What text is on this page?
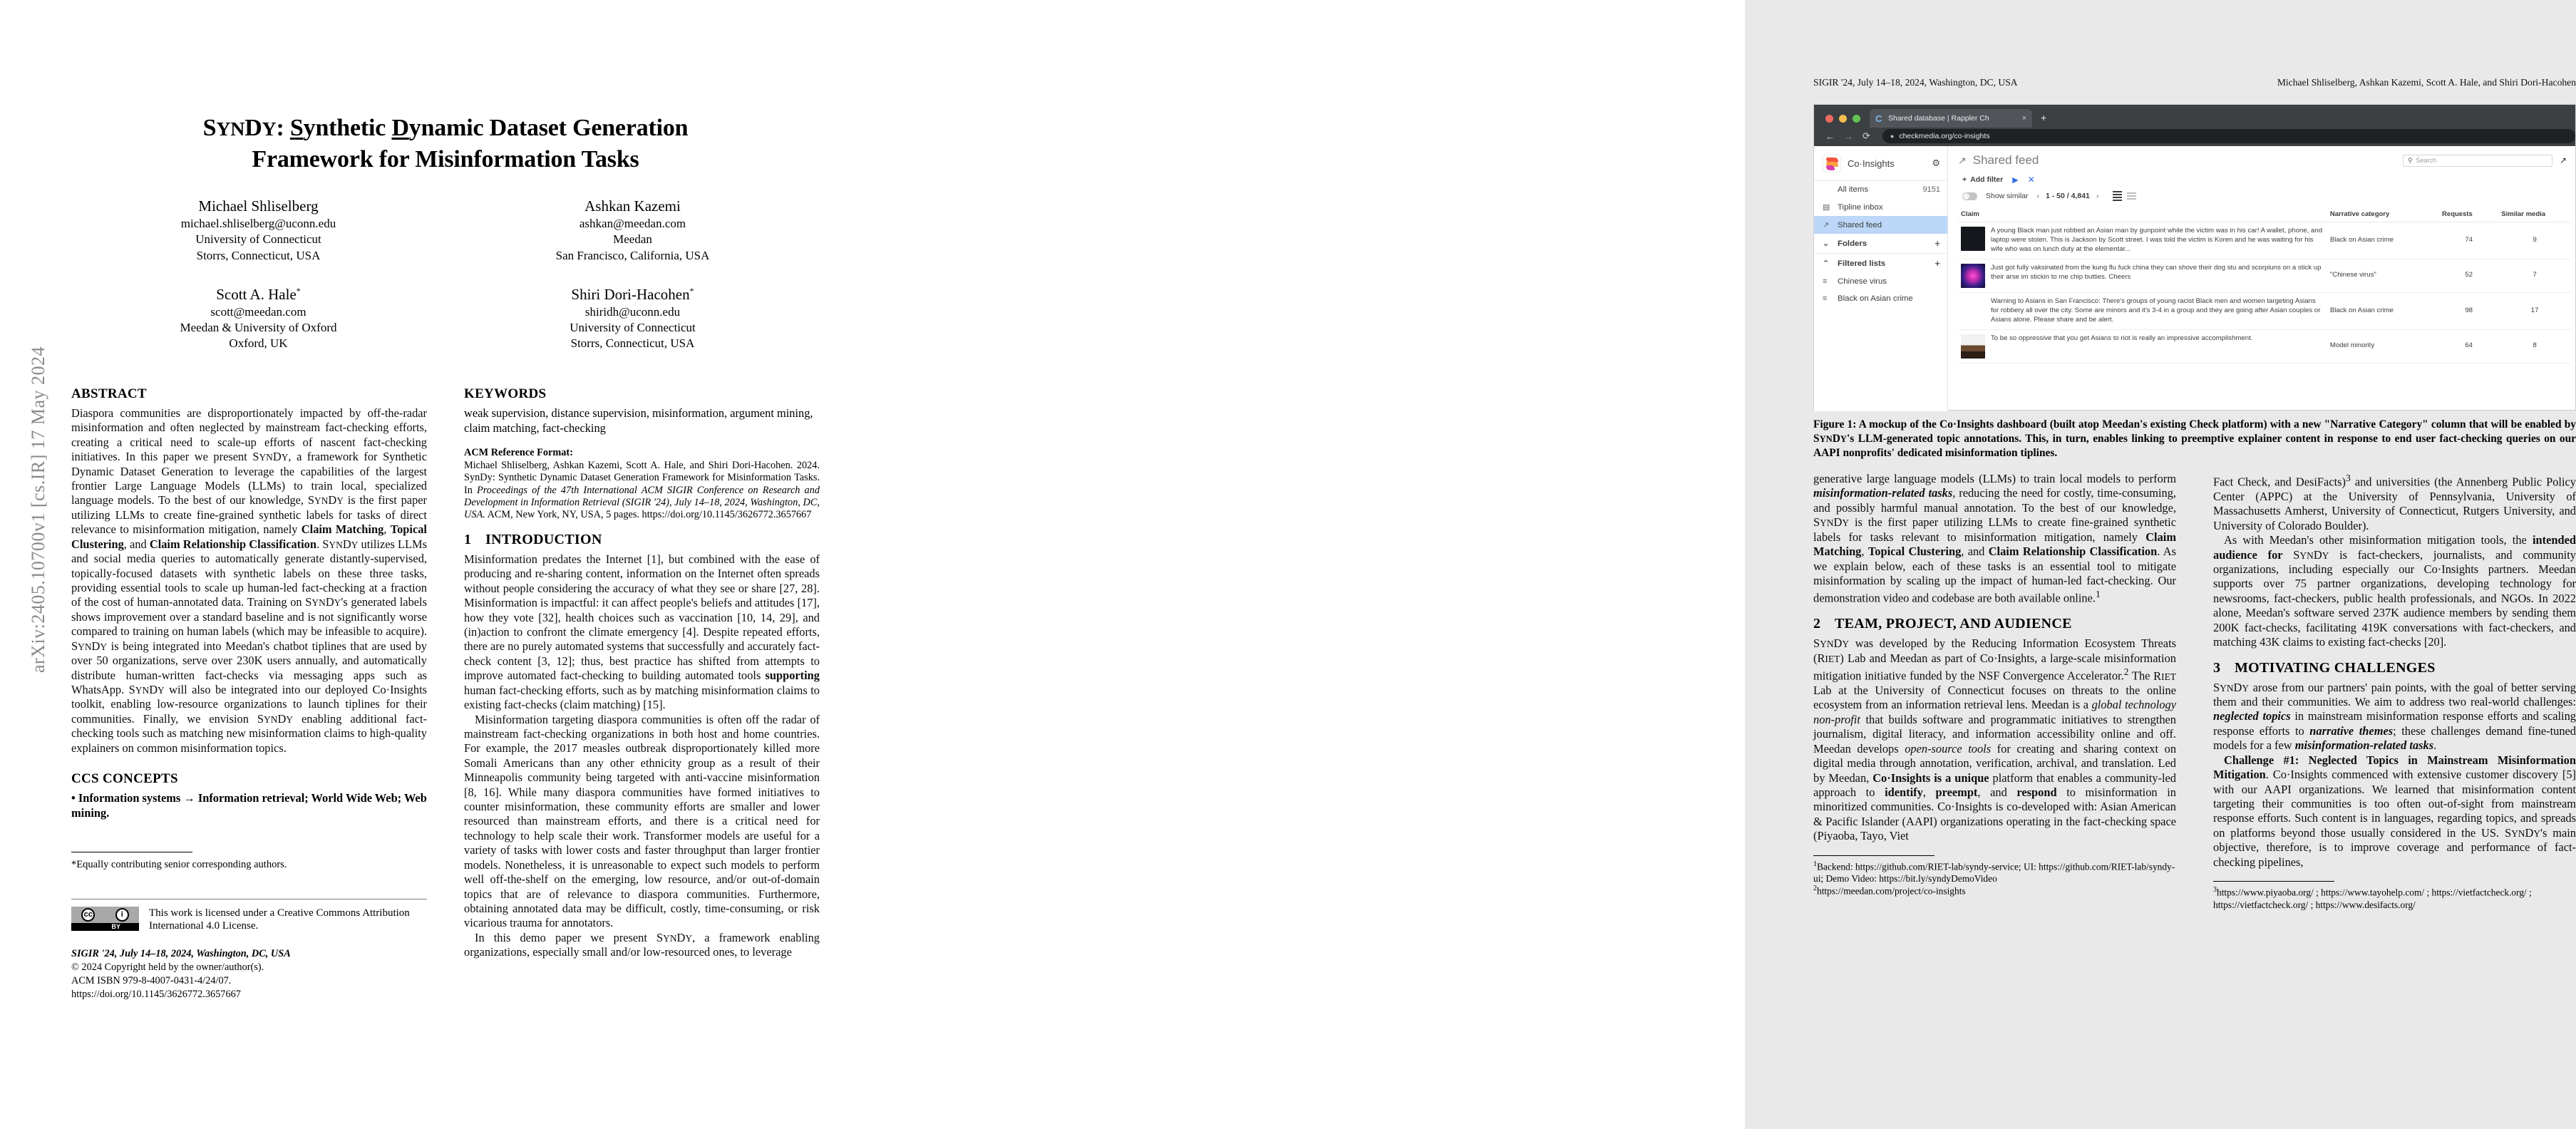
arXiv:2405.10700v1 [cs.IR] 17 May 2024
SYNDY: Synthetic Dynamic Dataset Generation
Framework for Misinformation Tasks
Michael Shliselberg
michael.shliselberg@uconn.edu
University of Connecticut
Storrs, Connecticut, USA
Scott A. Hale*
scott@meedan.com
Meedan & University of Oxford
Oxford, UK
Ashkan Kazemi
ashkan@meedan.com
Meedan
San Francisco, California, USA
Shiri Dori-Hacohen*
shiridh@uconn.edu
University of Connecticut
Storrs, Connecticut, USA
ABSTRACT

Diaspora communities are disproportionately impacted by off-the-radar misinformation and often neglected by mainstream fact-checking efforts, creating a critical need to scale-up efforts of nascent fact-checking initiatives. In this paper we present SYNDY, a framework for Synthetic Dynamic Dataset Generation to leverage the capabilities of the largest frontier Large Language Models (LLMs) to train local, specialized language models. To the best of our knowledge, SYNDY is the first paper utilizing LLMs to create fine-grained synthetic labels for tasks of direct relevance to misinformation mitigation, namely Claim Matching, Topical Clustering, and Claim Relationship Classification. SYNDY utilizes LLMs and social media queries to automatically generate distantly-supervised, topically-focused datasets with synthetic labels on these three tasks, providing essential tools to scale up human-led fact-checking at a fraction of the cost of human-annotated data. Training on SYNDY's generated labels shows improvement over a standard baseline and is not significantly worse compared to training on human labels (which may be infeasible to acquire). SYNDY is being integrated into Meedan's chatbot tiplines that are used by over 50 organizations, serve over 230K users annually, and automatically distribute human-written fact-checks via messaging apps such as WhatsApp. SYNDY will also be integrated into our deployed Co·Insights toolkit, enabling low-resource organizations to launch tiplines for their communities. Finally, we envision SYNDY enabling additional fact-checking tools such as matching new misinformation claims to high-quality explainers on common misinformation topics.

CCS CONCEPTS

• Information systems → Information retrieval; World Wide Web; Web mining.

*Equally contributing senior corresponding authors.
cc	i
BY
This work is licensed under a Creative Commons Attribution International 4.0 License.
SIGIR '24, July 14–18, 2024, Washington, DC, USA
© 2024 Copyright held by the owner/author(s).
ACM ISBN 979-8-4007-0431-4/24/07.
https://doi.org/10.1145/3626772.3657667
KEYWORDS

weak supervision, distance supervision, misinformation, argument mining, claim matching, fact-checking

ACM Reference Format:
Michael Shliselberg, Ashkan Kazemi, Scott A. Hale, and Shiri Dori-Hacohen. 2024. SynDy: Synthetic Dynamic Dataset Generation Framework for Misinformation Tasks. In Proceedings of the 47th International ACM SIGIR Conference on Research and Development in Information Retrieval (SIGIR '24), July 14–18, 2024, Washington, DC, USA. ACM, New York, NY, USA, 5 pages. https://doi.org/10.1145/3626772.3657667
1 INTRODUCTION

Misinformation predates the Internet [1], but combined with the ease of producing and re-sharing content, information on the Internet often spreads without people considering the accuracy of what they see or share [27, 28]. Misinformation is impactful: it can affect people's beliefs and attitudes [17], how they vote [32], health choices such as vaccination [10, 14, 29], and (in)action to confront the climate emergency [4]. Despite repeated efforts, there are no purely automated systems that successfully and accurately fact-check content [3, 12]; thus, best practice has shifted from attempts to improve automated fact-checking to building automated tools supporting human fact-checking efforts, such as by matching misinformation claims to existing fact-checks (claim matching) [15].

Misinformation targeting diaspora communities is often off the radar of mainstream fact-checking organizations in both host and home countries. For example, the 2017 measles outbreak disproportionately killed more Somali Americans than any other ethnicity group as a result of their Minneapolis community being targeted with anti-vaccine misinformation [8, 16]. While many diaspora communities have formed initiatives to counter misinformation, these community efforts are smaller and lower resourced than mainstream efforts, and there is a critical need for technology to help scale their work. Transformer models are useful for a variety of tasks with lower costs and faster throughput than larger frontier models. Nonetheless, it is unreasonable to expect such models to perform well off-the-shelf on the emerging, low resource, and/or out-of-domain topics that are of relevance to diaspora communities. Furthermore, obtaining annotated data may be difficult, costly, time-consuming, or risk vicarious trauma for annotators.

In this demo paper we present SYNDY, a framework enabling organizations, especially small and/or low-resourced ones, to leverage

SIGIR '24, July 14–18, 2024, Washington, DC, USA	Michael Shliselberg, Ashkan Kazemi, Scott A. Hale, and Shiri Dori-Hacohen
C Shared database | Rappler Ch	× +
← → ⟳	● checkmedia.org/co-insights
Co·Insights	⚙
All items	9151
▤ Tipline inbox
↗	Shared feed
⌄	Folders	+
⌃	Filtered lists	+
≡	Chinese virus
≡	Black on Asian crime
↗ Shared feed	⚲ Search	↗
+ Add filter ▶ ✕
Show similar ‹ 1 - 50 / 4,841 ›
Claim	Narrative category	Requests	Similar media

A young Black man just robbed an Asian man by gunpoint while the victim was in his car! A wallet, phone, and laptop were stolen. This is Jackson by Scott street. I was told the victim is Koren and he was waiting for his wife who was on lunch duty at the elementar...	Black on Asian crime	74	9

Just got fully vaksinated from the kung flu fuck china they can shove their dog stu and scorpiuns on a stick up their arse im stickin to me chip butties. Cheers	"Chinese virus"	52	7

Warning to Asians in San Francisco: There's groups of young racist Black men and women targeting Asians for robbery all over the city. Some are minors and it's 3-4 in a group and they are going after Asian couples or Asians alone. Please share and be alert.	Black on Asian crime	98	17

To be so oppressive that you get Asians to riot is really an impressive accomplishment.	Model minority	64	8
Figure 1: A mockup of the Co·Insights dashboard (built atop Meedan's existing Check platform) with a new "Narrative Category" column that will be enabled by SYNDY's LLM-generated topic annotations. This, in turn, enables linking to preemptive explainer content in response to end user fact-checking queries on our AAPI nonprofits' dedicated misinformation tiplines.

generative large language models (LLMs) to train local models to perform misinformation-related tasks, reducing the need for costly, time-consuming, and possibly harmful manual annotation. To the best of our knowledge, SYNDY is the first paper utilizing LLMs to create fine-grained synthetic labels for tasks relevant to misinformation mitigation, namely Claim Matching, Topical Clustering, and Claim Relationship Classification. As we explain below, each of these tasks is an essential tool to mitigate misinformation by scaling up the impact of human-led fact-checking. Our demonstration video and codebase are both available online.$^1$

2 TEAM, PROJECT, AND AUDIENCE

SYNDY was developed by the Reducing Information Ecosystem Threats (RIET) Lab and Meedan as part of Co·Insights, a large-scale misinformation mitigation initiative funded by the NSF Convergence Accelerator.$^2$ The RIET Lab at the University of Connecticut focuses on threats to the online ecosystem from an information retrieval lens. Meedan is a global technology non-profit that builds software and programmatic initiatives to strengthen journalism, digital literacy, and information accessibility online and off. Meedan develops open-source tools for creating and sharing context on digital media through annotation, verification, archival, and translation. Led by Meedan, Co·Insights is a unique platform that enables a community-led approach to identify, preempt, and respond to misinformation in minoritized communities. Co·Insights is co-developed with: Asian American & Pacific Islander (AAPI) organizations operating in the fact-checking space (Piyaoba, Tayo, Viet

$^1$Backend: https://github.com/RIET-lab/syndy-service; UI: https://github.com/RIET-lab/syndy-ui; Demo Video: https://bit.ly/syndyDemoVideo
$^2$https://meedan.com/project/co-insights

Fact Check, and DesiFacts)$^3$ and universities (the Annenberg Public Policy Center (APPC) at the University of Pennsylvania, University of Massachusetts Amherst, University of Connecticut, Rutgers University, and University of Colorado Boulder).

As with Meedan's other misinformation mitigation tools, the intended audience for SYNDY is fact-checkers, journalists, and community organizations, including especially our Co·Insights partners. Meedan supports over 75 partner organizations, developing technology for newsrooms, fact-checkers, public health professionals, and NGOs. In 2022 alone, Meedan's software served 237K audience members by sending them 200K fact-checks, facilitating 419K conversations with fact-checkers, and matching 43K claims to existing fact-checks [20].

3 MOTIVATING CHALLENGES

SYNDY arose from our partners' pain points, with the goal of better serving them and their communities. We aim to address two real-world challenges: neglected topics in mainstream misinformation response efforts and scaling response efforts to narrative themes; these challenges demand fine-tuned models for a few misinformation-related tasks.

Challenge #1: Neglected Topics in Mainstream Misinformation Mitigation. Co·Insights commenced with extensive customer discovery [5] with our AAPI organizations. We learned that misinformation content targeting their communities is too often out-of-sight from mainstream response efforts. Such content is in languages, regarding topics, and spreads on platforms beyond those usually considered in the US. SYNDY's main objective, therefore, is to improve coverage and performance of fact-checking pipelines,

$^3$https://www.piyaoba.org/ ; https://www.tayohelp.com/ ; https://vietfactcheck.org/ ; https://vietfactcheck.org/ ; https://www.desifacts.org/
